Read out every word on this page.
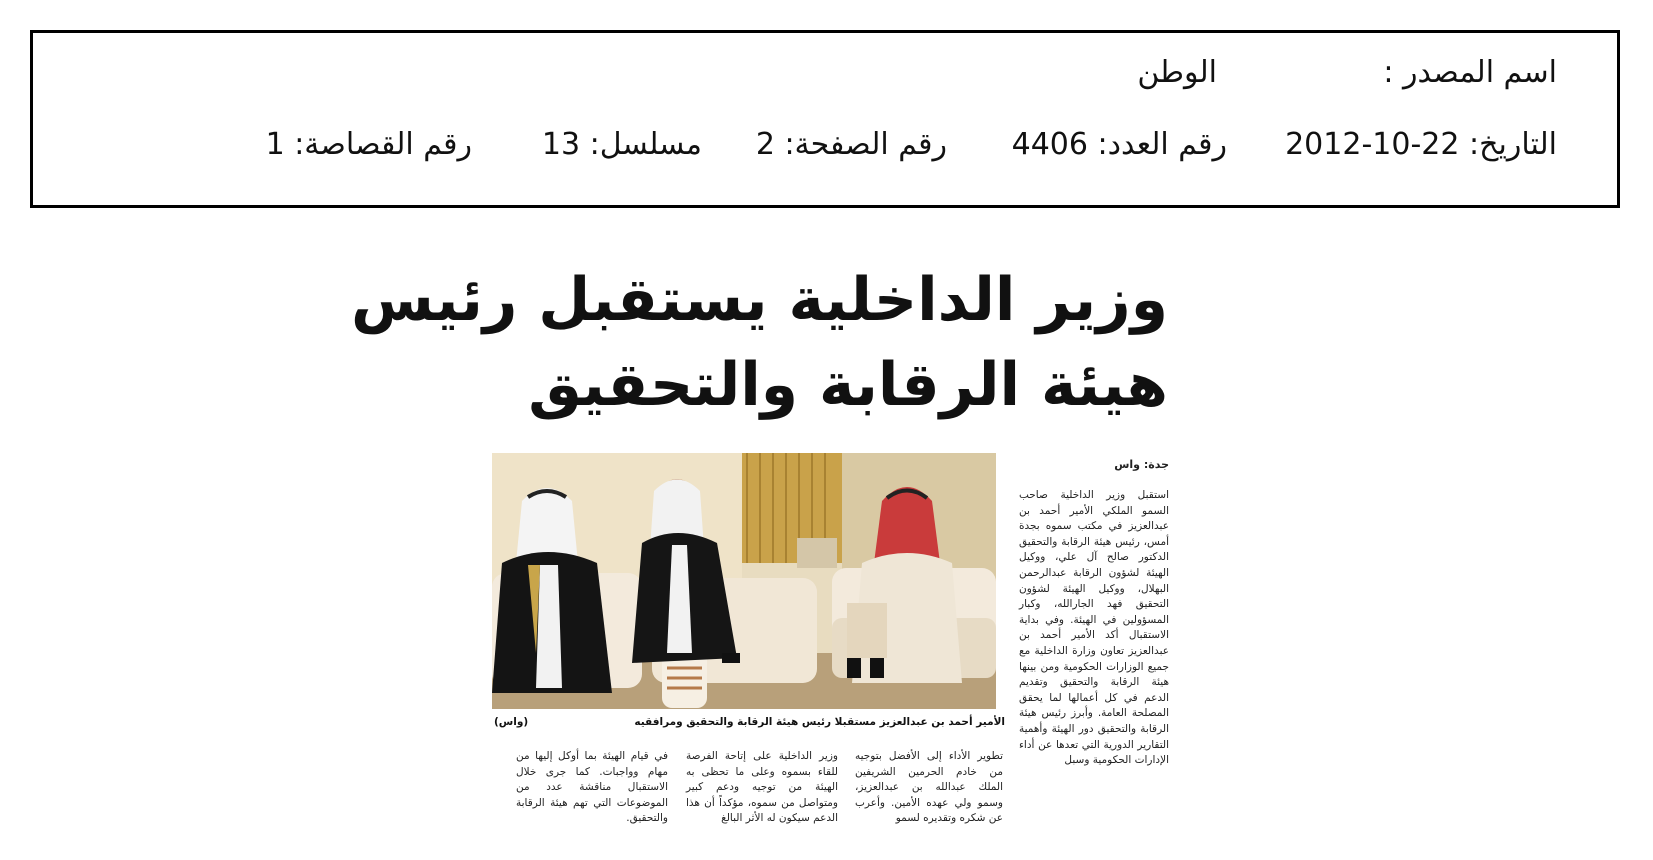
اسم المصدر :
الوطن
التاريخ: 22-10-2012
رقم العدد: 4406
رقم الصفحة: 2
مسلسل: 13
رقم القصاصة: 1
وزير الداخلية يستقبل رئيس
هيئة الرقابة والتحقيق
جدة: واس
استقبل وزير الداخلية صاحب السمو الملكي الأمير أحمد بن عبدالعزيز في مكتب سموه بجدة أمس، رئيس هيئة الرقابة والتحقيق الدكتور صالح آل علي، ووكيل الهيئة لشؤون الرقابة عبدالرحمن البهلال، ووكيل الهيئة لشؤون التحقيق فهد الجارالله، وكبار المسؤولين في الهيئة. وفي بداية الاستقبال أكد الأمير أحمد بن عبدالعزيز تعاون وزارة الداخلية مع جميع الوزارات الحكومية ومن بينها هيئة الرقابة والتحقيق وتقديم الدعم في كل أعمالها لما يحقق المصلحة العامة. وأبرز رئيس هيئة الرقابة والتحقيق دور الهيئة وأهمية التقارير الدورية التي تعدها عن أداء الإدارات الحكومية وسبل
تطوير الأداء إلى الأفضل بتوجيه من خادم الحرمين الشريفين الملك عبدالله بن عبدالعزيز، وسمو ولي عهده الأمين. وأعرب عن شكره وتقديره لسمو
وزير الداخلية على إتاحة الفرصة للقاء بسموه وعلى ما تحظى به الهيئة من توجيه ودعم كبير ومتواصل من سموه، مؤكداً أن هذا الدعم سيكون له الأثر البالغ
في قيام الهيئة بما أوكل إليها من مهام وواجبات. كما جرى خلال الاستقبال مناقشة عدد من الموضوعات التي تهم هيئة الرقابة والتحقيق.
الأمير أحمد بن عبدالعزيز مستقبلا رئيس هيئة الرقابة والتحقيق ومرافقيه
(واس)
